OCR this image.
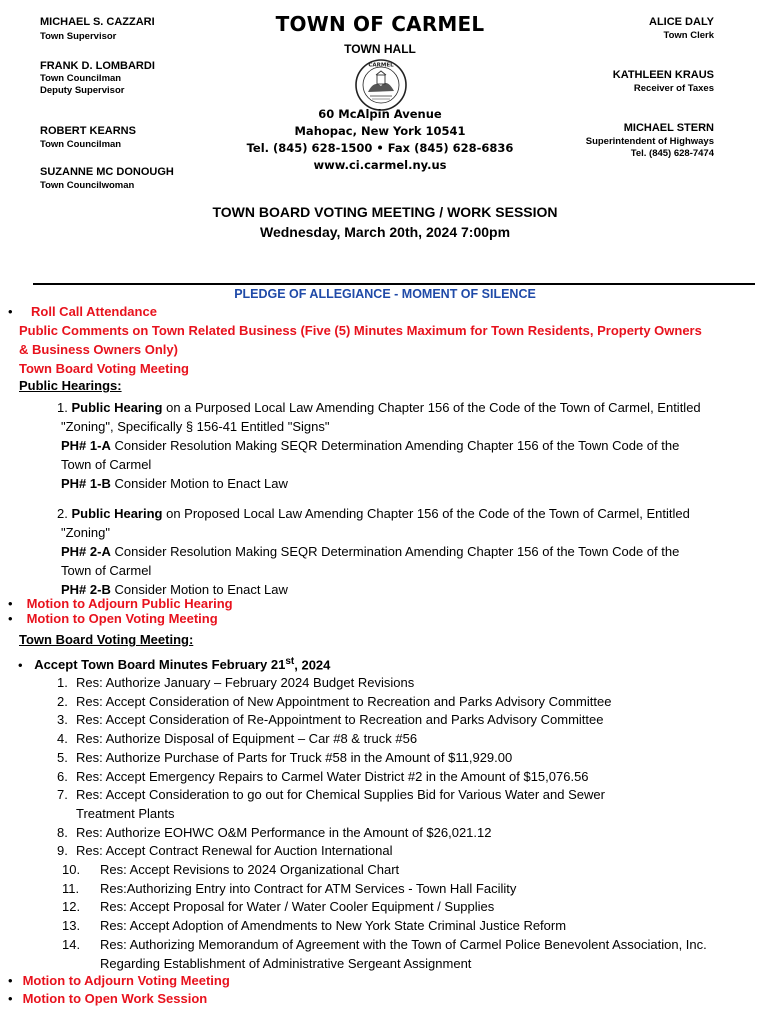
MICHAEL S. CAZZARI
Town Supervisor
FRANK D. LOMBARDI
Town Councilman
Deputy Supervisor
ROBERT KEARNS
Town Councilman
SUZANNE MC DONOUGH
Town Councilwoman
ALICE DALY
Town Clerk
KATHLEEN KRAUS
Receiver of Taxes
MICHAEL STERN
Superintendent of Highways
Tel. (845) 628-7474
TOWN OF CARMEL
TOWN HALL
CARMEL
60 McAlpin Avenue
Mahopac, New York 10541
Tel. (845) 628-1500 • Fax (845) 628-6836
www.ci.carmel.ny.us
TOWN BOARD VOTING MEETING / WORK SESSION
Wednesday, March 20th, 2024 7:00pm
PLEDGE OF ALLEGIANCE - MOMENT OF SILENCE
• Roll Call Attendance
Public Comments on Town Related Business (Five (5) Minutes Maximum for Town Residents, Property Owners
& Business Owners Only)
Town Board Voting Meeting
Public Hearings:
1. Public Hearing on a Purposed Local Law Amending Chapter 156 of the Code of the Town of Carmel, Entitled
"Zoning", Specifically § 156-41 Entitled "Signs"
PH# 1-A Consider Resolution Making SEQR Determination Amending Chapter 156 of the Town Code of the
Town of Carmel
PH# 1-B Consider Motion to Enact Law
2. Public Hearing on Proposed Local Law Amending Chapter 156 of the Code of the Town of Carmel, Entitled
"Zoning"
PH# 2-A Consider Resolution Making SEQR Determination Amending Chapter 156 of the Town Code of the
Town of Carmel
PH# 2-B Consider Motion to Enact Law
• Motion to Adjourn Public Hearing
• Motion to Open Voting Meeting
Town Board Voting Meeting:
• Accept Town Board Minutes February 21st, 2024
1. Res: Authorize January – February 2024 Budget Revisions
2. Res: Accept Consideration of New Appointment to Recreation and Parks Advisory Committee
3. Res: Accept Consideration of Re-Appointment to Recreation and Parks Advisory Committee
4. Res: Authorize Disposal of Equipment – Car #8 & truck #56
5. Res: Authorize Purchase of Parts for Truck #58 in the Amount of $11,929.00
6. Res: Accept Emergency Repairs to Carmel Water District #2 in the Amount of $15,076.56
7. Res: Accept Consideration to go out for Chemical Supplies Bid for Various Water and Sewer
Treatment Plants
8. Res: Authorize EOHWC O&M Performance in the Amount of $26,021.12
9. Res: Accept Contract Renewal for Auction International
10.	Res: Accept Revisions to 2024 Organizational Chart
11.	Res:Authorizing Entry into Contract for ATM Services - Town Hall Facility
12.	Res: Accept Proposal for Water / Water Cooler Equipment / Supplies
13.	Res: Accept Adoption of Amendments to New York State Criminal Justice Reform
14.	Res: Authorizing Memorandum of Agreement with the Town of Carmel Police Benevolent Association, Inc.
Regarding Establishment of Administrative Sergeant Assignment
• Motion to Adjourn Voting Meeting
• Motion to Open Work Session
